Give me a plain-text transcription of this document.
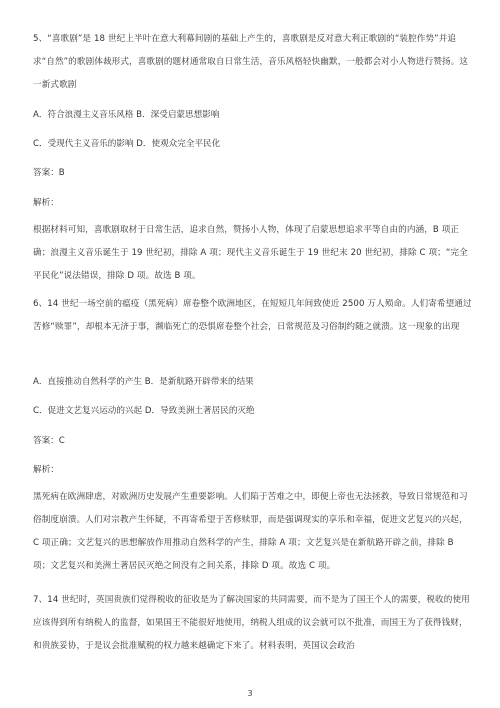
5、“喜歌剧”是 18 世纪上半叶在意大利幕间剧的基础上产生的，喜歌剧是反对意大利正歌剧的“装腔作势”并追求“自然”的歌剧体裁形式，喜歌剧的题材通常取自日常生活，音乐风格轻快幽默，一般都会对小人物进行赞扬。这一新式歌剧
A．符合浪漫主义音乐风格 B．深受启蒙思想影响
C．受现代主义音乐的影响 D．使观众完全平民化
答案：B
解析：
根据材料可知，喜歌剧取材于日常生活，追求自然，赞扬小人物，体现了启蒙思想追求平等自由的内涵，B 项正确；浪漫主义音乐诞生于 19 世纪初，排除 A 项；现代主义音乐诞生于 19 世纪末 20 世纪初，排除 C 项；“完全平民化”说法错误，排除 D 项。故选 B 项。
6、14 世纪一场空前的瘟疫（黑死病）席卷整个欧洲地区，在短短几年间致使近 2500 万人殒命。人们寄希望通过苦修“赎罪”，却根本无济于事，濒临死亡的恐惧席卷整个社会，日常规范及习俗制约随之就溃。这一现象的出现
A．直接推动自然科学的产生 B．是新航路开辟带来的结果
C．促进文艺复兴运动的兴起 D．导致美洲土著居民的灭绝
答案：C
解析：
黑死病在欧洲肆虐，对欧洲历史发展产生重要影响。人们陷于苦难之中，即便上帝也无法拯救，导致日常规范和习俗制度崩溃。人们对宗教产生怀疑，不再寄希望于苦修赎罪，而是强调现实的享乐和幸福，促进文艺复兴的兴起，C 项正确；文艺复兴的思想解放作用推动自然科学的产生，排除 A 项；文艺复兴是在新航路开辟之前，排除 B 项；文艺复兴和美洲土著居民灭绝之间没有之间关系，排除 D 项。故选 C 项。
7、14 世纪时，英国贵族们觉得税收的征收是为了解决国家的共同需要，而不是为了国王个人的需要，税收的使用应该得到所有纳税人的监督，如果国王不能很好地使用，纳税人组成的议会就可以不批准，而国王为了获得钱财，和贵族妥协，于是议会批准赋税的权力越来越确定下来了。材料表明，英国议会政治
3
